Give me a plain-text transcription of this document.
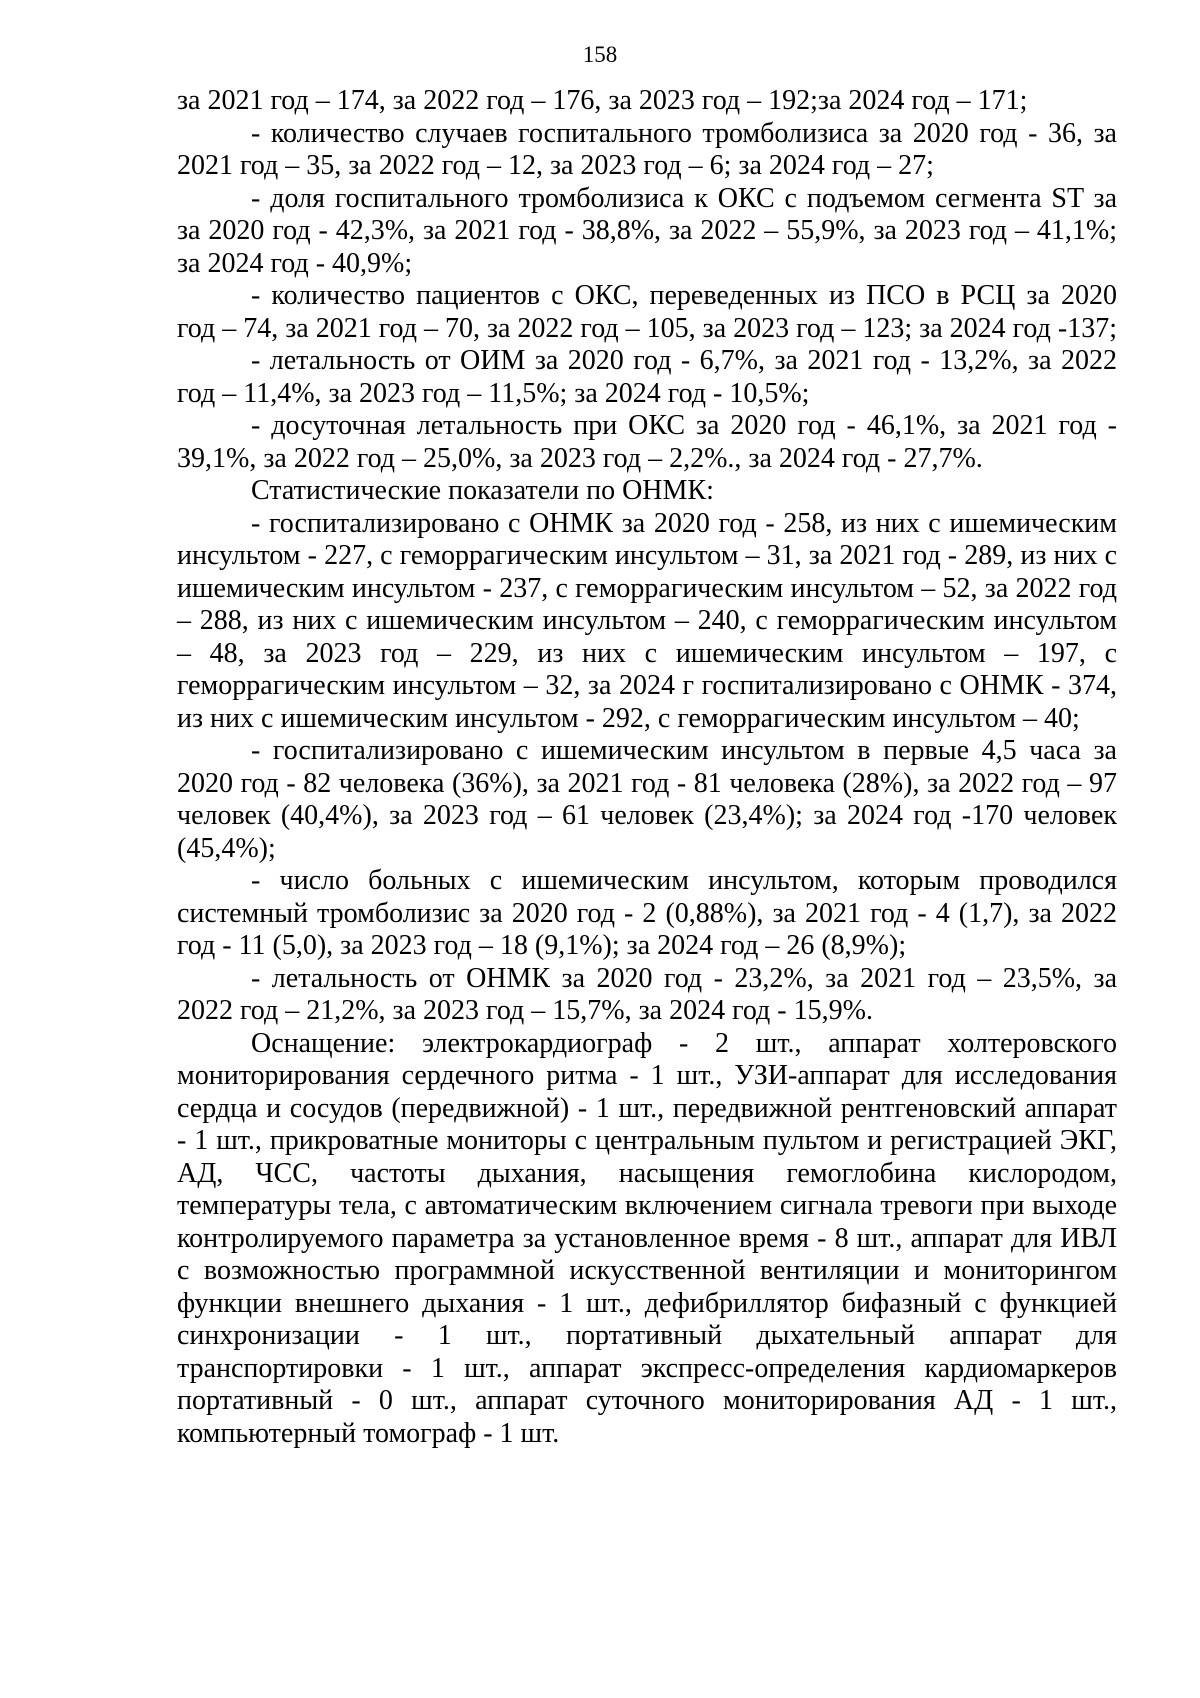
158

за 2021 год – 174, за 2022 год – 176, за 2023 год – 192;за 2024 год – 171;

- количество случаев госпитального тромболизиса за 2020 год - 36, за 2021 год – 35, за 2022 год – 12, за 2023 год – 6; за 2024 год – 27;

- доля госпитального тромболизиса к ОКС с подъемом сегмента ST за за 2020 год - 42,3%, за 2021 год - 38,8%, за 2022 – 55,9%, за 2023 год – 41,1%; за 2024 год - 40,9%;

- количество пациентов с ОКС, переведенных из ПСО в РСЦ за 2020 год – 74, за 2021 год – 70, за 2022 год – 105, за 2023 год – 123; за 2024 год -137;

- летальность от ОИМ за 2020 год - 6,7%, за 2021 год - 13,2%, за 2022 год – 11,4%, за 2023 год – 11,5%; за 2024 год - 10,5%;

- досуточная летальность при ОКС за 2020 год - 46,1%, за 2021 год - 39,1%, за 2022 год – 25,0%, за 2023 год – 2,2%., за 2024 год - 27,7%.

Статистические показатели по ОНМК:

- госпитализировано с ОНМК за 2020 год - 258, из них с ишемическим инсультом - 227, с геморрагическим инсультом – 31, за 2021 год - 289, из них с ишемическим инсультом - 237, с геморрагическим инсультом – 52, за 2022 год – 288, из них с ишемическим инсультом – 240, с геморрагическим инсультом – 48, за 2023 год – 229, из них с ишемическим инсультом – 197, с геморрагическим инсультом – 32, за 2024 г госпитализировано с ОНМК - 374, из них с ишемическим инсультом - 292, с геморрагическим инсультом – 40;

- госпитализировано с ишемическим инсультом в первые 4,5 часа за 2020 год - 82 человека (36%), за 2021 год - 81 человека (28%), за 2022 год – 97 человек (40,4%), за 2023 год – 61 человек (23,4%); за 2024 год -170 человек (45,4%);

- число больных с ишемическим инсультом, которым проводился системный тромболизис за 2020 год - 2 (0,88%), за 2021 год - 4 (1,7), за 2022 год - 11 (5,0), за 2023 год – 18 (9,1%); за 2024 год – 26 (8,9%);

- летальность от ОНМК за 2020 год - 23,2%, за 2021 год – 23,5%, за 2022 год – 21,2%, за 2023 год – 15,7%, за 2024 год - 15,9%.

Оснащение: электрокардиограф - 2 шт., аппарат холтеровского мониторирования сердечного ритма - 1 шт., УЗИ-аппарат для исследования сердца и сосудов (передвижной) - 1 шт., передвижной рентгеновский аппарат - 1 шт., прикроватные мониторы с центральным пультом и регистрацией ЭКГ, АД, ЧСС, частоты дыхания, насыщения гемоглобина кислородом, температуры тела, с автоматическим включением сигнала тревоги при выходе контролируемого параметра за установленное время - 8 шт., аппарат для ИВЛ с возможностью программной искусственной вентиляции и мониторингом функции внешнего дыхания - 1 шт., дефибриллятор бифазный с функцией синхронизации - 1 шт., портативный дыхательный аппарат для транспортировки - 1 шт., аппарат экспресс-определения кардиомаркеров портативный - 0 шт., аппарат суточного мониторирования АД - 1 шт., компьютерный томограф - 1 шт.
